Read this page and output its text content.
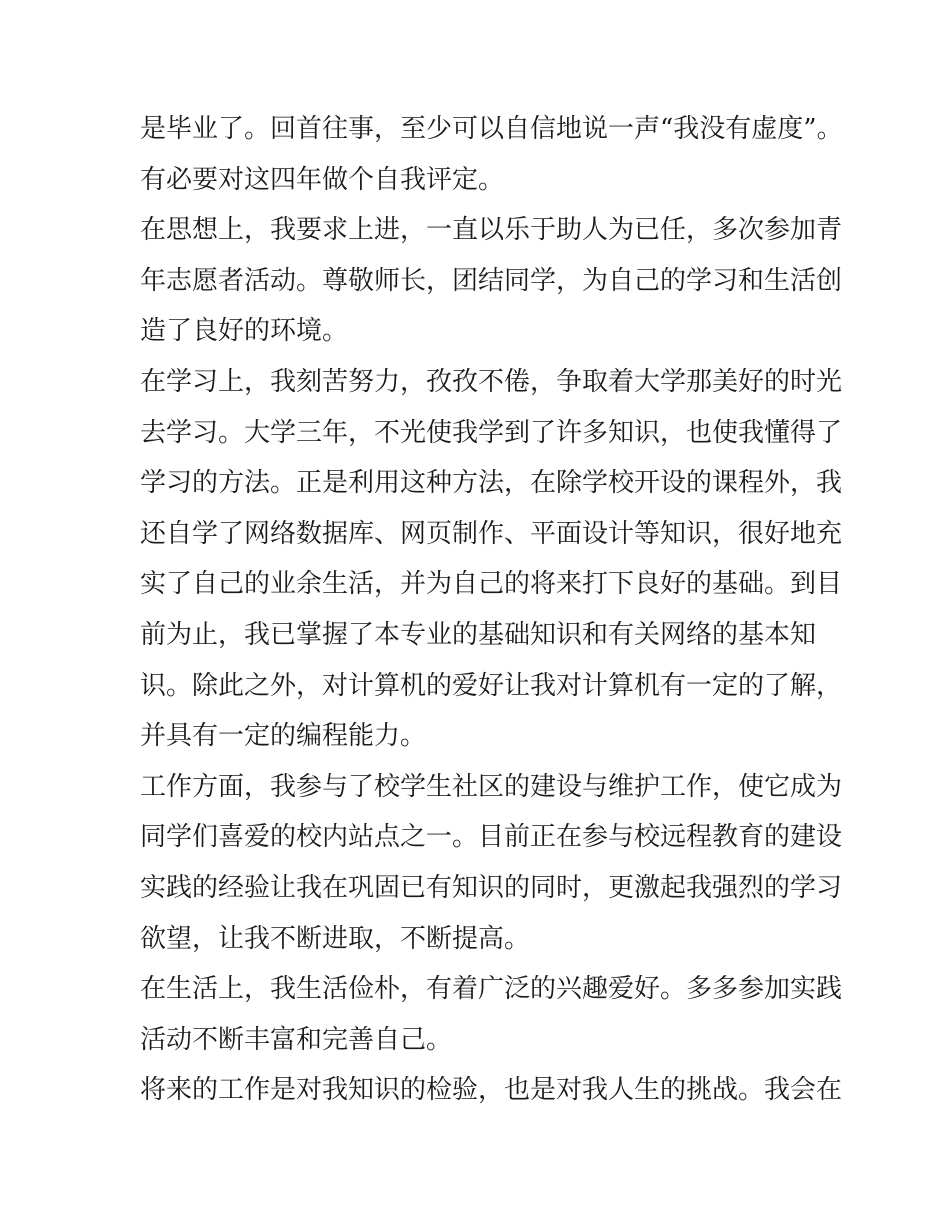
是毕业了。回首往事，至少可以自信地说一声“我没有虚度”。
有必要对这四年做个自我评定。
在思想上，我要求上进，一直以乐于助人为已任，多次参加青
年志愿者活动。尊敬师长，团结同学，为自己的学习和生活创
造了良好的环境。
在学习上，我刻苦努力，孜孜不倦，争取着大学那美好的时光
去学习。大学三年，不光使我学到了许多知识，也使我懂得了
学习的方法。正是利用这种方法，在除学校开设的课程外，我
还自学了网络数据库、网页制作、平面设计等知识，很好地充
实了自己的业余生活，并为自己的将来打下良好的基础。到目
前为止，我已掌握了本专业的基础知识和有关网络的基本知
识。除此之外，对计算机的爱好让我对计算机有一定的了解，
并具有一定的编程能力。
工作方面，我参与了校学生社区的建设与维护工作，使它成为
同学们喜爱的校内站点之一。目前正在参与校远程教育的建设
实践的经验让我在巩固已有知识的同时，更激起我强烈的学习
欲望，让我不断进取，不断提高。
在生活上，我生活俭朴，有着广泛的兴趣爱好。多多参加实践
活动不断丰富和完善自己。
将来的工作是对我知识的检验，也是对我人生的挑战。我会在
